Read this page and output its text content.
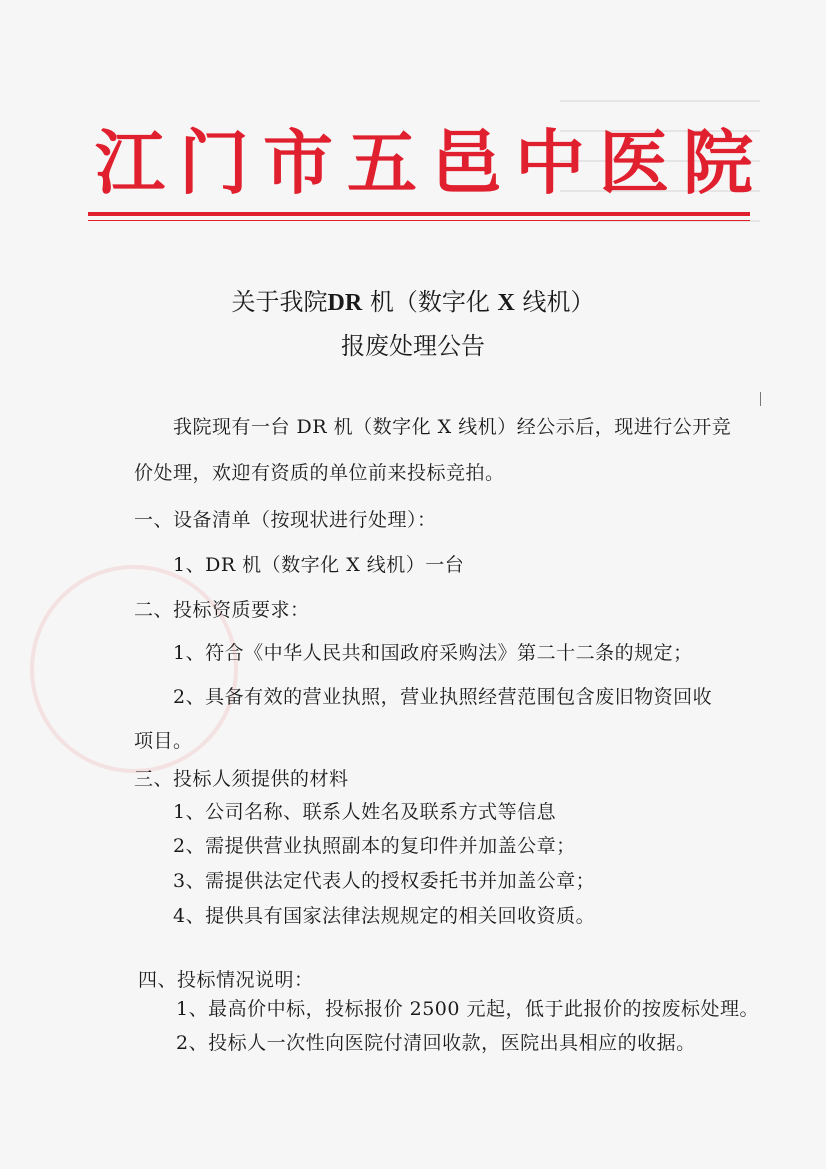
江门市五邑中医院
关于我院DR 机（数字化 X 线机）
报废处理公告
我院现有一台 DR 机（数字化 X 线机）经公示后，现进行公开竞
价处理，欢迎有资质的单位前来投标竞拍。
一、设备清单（按现状进行处理）：
1、DR 机（数字化 X 线机）一台
二、投标资质要求：
1、符合《中华人民共和国政府采购法》第二十二条的规定；
2、具备有效的营业执照，营业执照经营范围包含废旧物资回收
项目。
三、投标人须提供的材料
1、公司名称、联系人姓名及联系方式等信息
2、需提供营业执照副本的复印件并加盖公章；
3、需提供法定代表人的授权委托书并加盖公章；
4、提供具有国家法律法规规定的相关回收资质。
四、投标情况说明：
1、最高价中标，投标报价 2500 元起，低于此报价的按废标处理。
2、投标人一次性向医院付清回收款，医院出具相应的收据。
